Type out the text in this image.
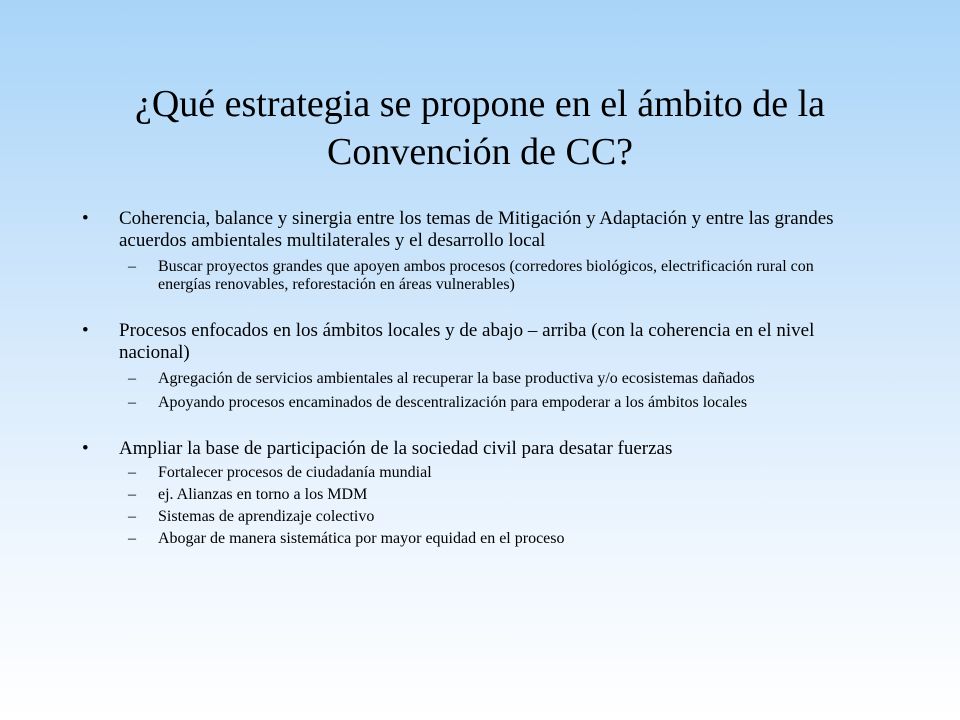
¿Qué estrategia se propone en el ámbito de la
Convención de CC?
•	Coherencia, balance y sinergia entre los temas de Mitigación y Adaptación y entre las grandes acuerdos ambientales multilaterales y el desarrollo local
–	Buscar proyectos grandes que apoyen ambos procesos (corredores biológicos, electrificación rural con energías renovables, reforestación en áreas vulnerables)
•	Procesos enfocados en los ámbitos locales y de abajo – arriba (con la coherencia en el nivel nacional)
–	Agregación de servicios ambientales al recuperar la base productiva y/o ecosistemas dañados
–	Apoyando procesos encaminados de descentralización para empoderar a los ámbitos locales
•	Ampliar la base de participación de la sociedad civil para desatar fuerzas
–	Fortalecer procesos de ciudadanía mundial
–	ej. Alianzas en torno a los MDM
–	Sistemas de aprendizaje colectivo
–	Abogar de manera sistemática por mayor equidad en el proceso
